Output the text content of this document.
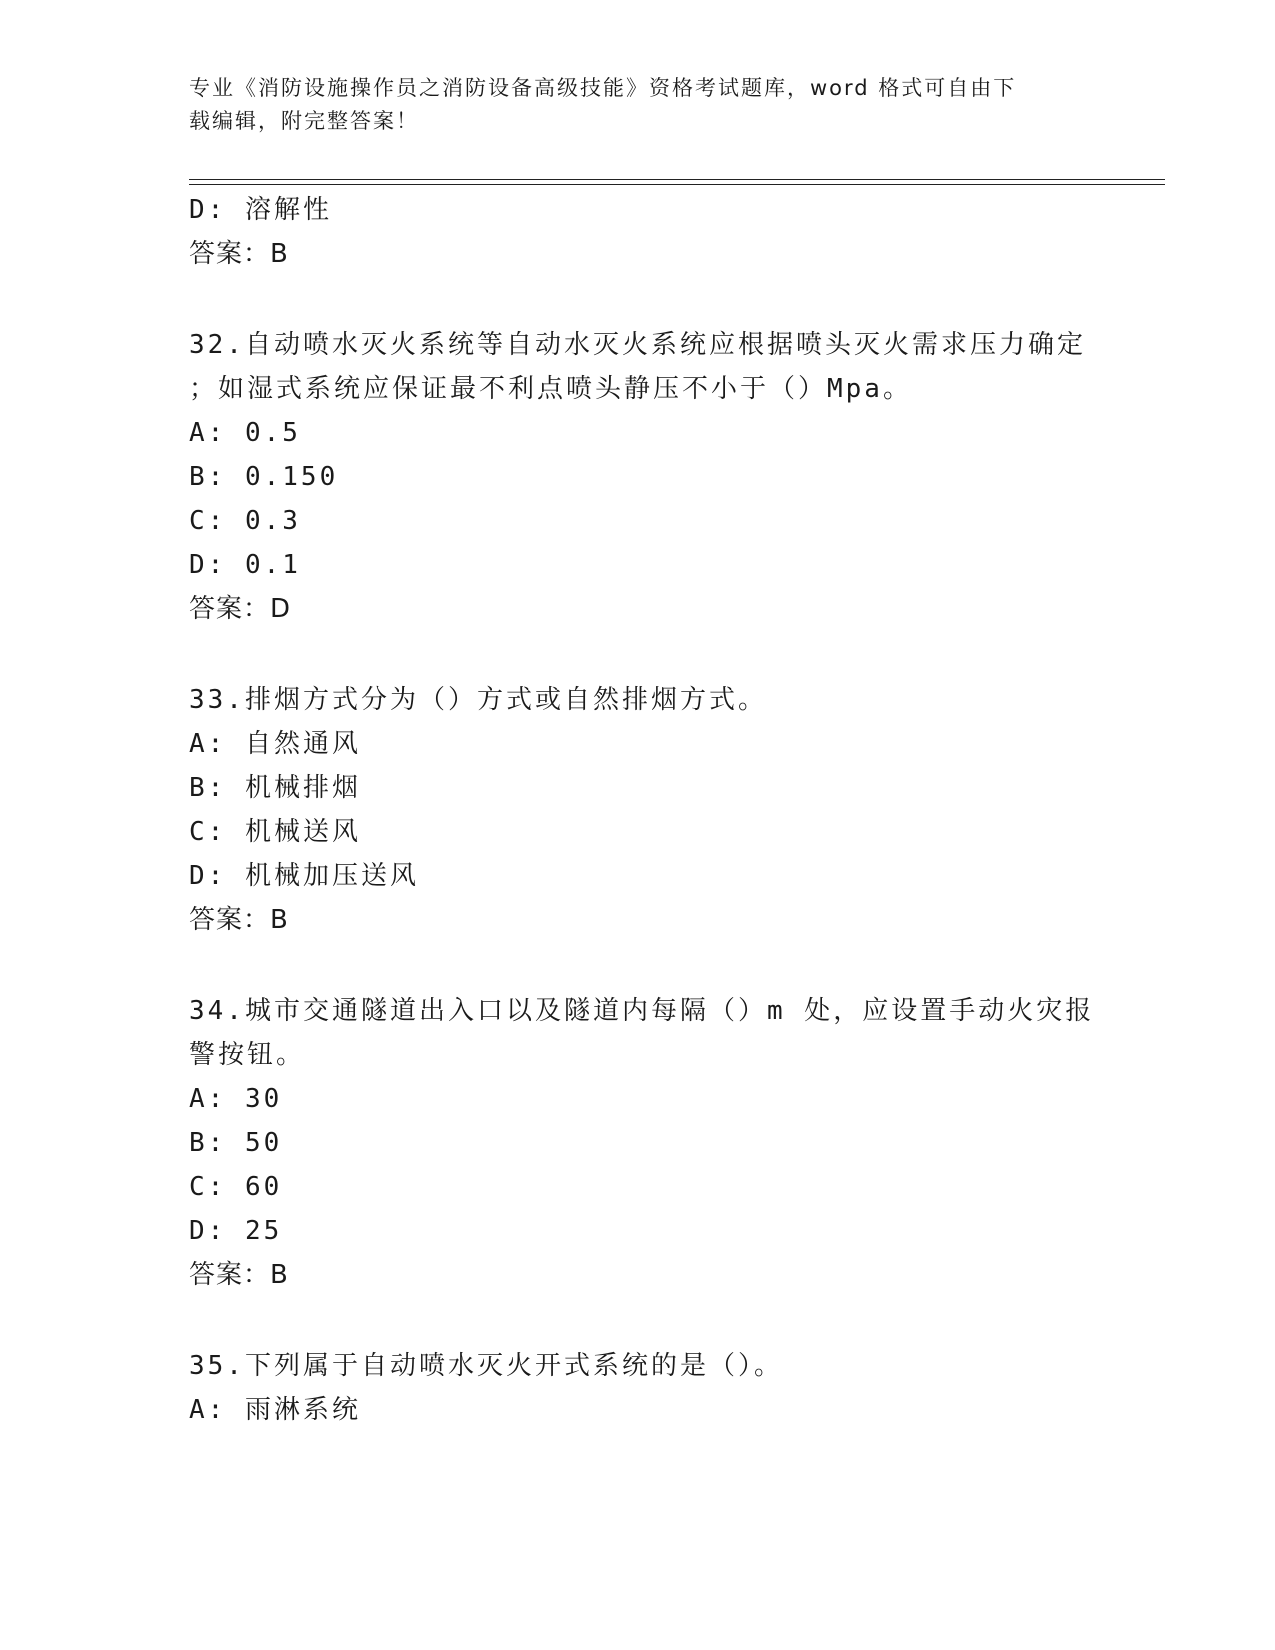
专业《消防设施操作员之消防设备高级技能》资格考试题库，word 格式可自由下
载编辑，附完整答案！
D: 溶解性
答案：B
32.自动喷水灭火系统等自动水灭火系统应根据喷头灭火需求压力确定
；如湿式系统应保证最不利点喷头静压不小于（）Mpa。
A: 0.5
B: 0.150
C: 0.3
D: 0.1
答案：D
33.排烟方式分为（）方式或自然排烟方式。
A: 自然通风
B: 机械排烟
C: 机械送风
D: 机械加压送风
答案：B
34.城市交通隧道出入口以及隧道内每隔（）m 处，应设置手动火灾报
警按钮。
A: 30
B: 50
C: 60
D: 25
答案：B
35.下列属于自动喷水灭火开式系统的是（）。
A: 雨淋系统
